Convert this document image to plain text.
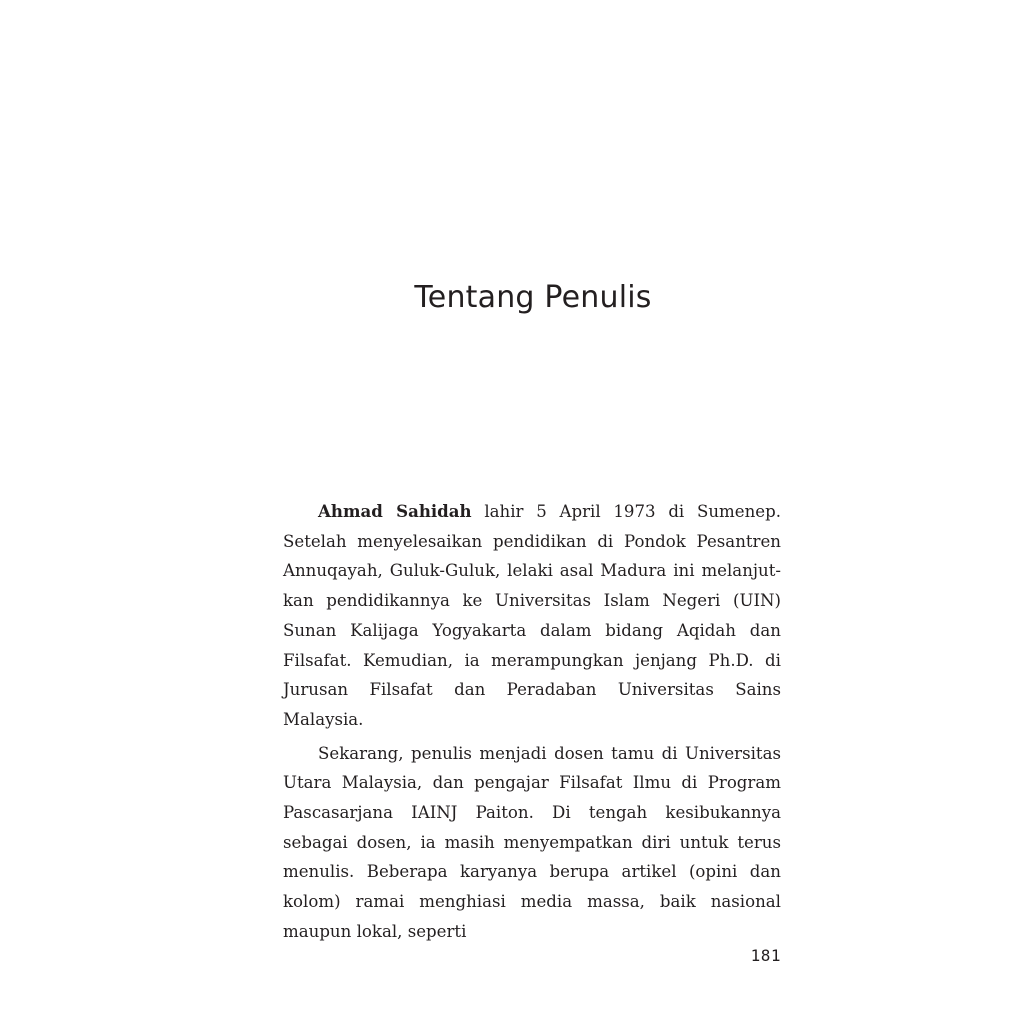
Tentang Penulis

Ahmad Sahidah lahir 5 April 1973 di Sumenep. Setelah menyelesaikan pendidikan di Pondok Pesantren Annuqayah, Guluk-Guluk, lelaki asal Madura ini melanjut-kan pendidikannya ke Universitas Islam Negeri (UIN) Sunan Kalijaga Yogyakarta dalam bidang Aqidah dan Filsafat. Kemudian, ia merampungkan jenjang Ph.D. di Jurusan Filsafat dan Peradaban Universitas Sains Malaysia.

Sekarang, penulis menjadi dosen tamu di Universitas Utara Malaysia, dan pengajar Filsafat Ilmu di Program Pascasarjana IAINJ Paiton. Di tengah kesibukannya sebagai dosen, ia masih menyempatkan diri untuk terus menulis. Beberapa karyanya berupa artikel (opini dan kolom) ramai menghiasi media massa, baik nasional maupun lokal, seperti

181
